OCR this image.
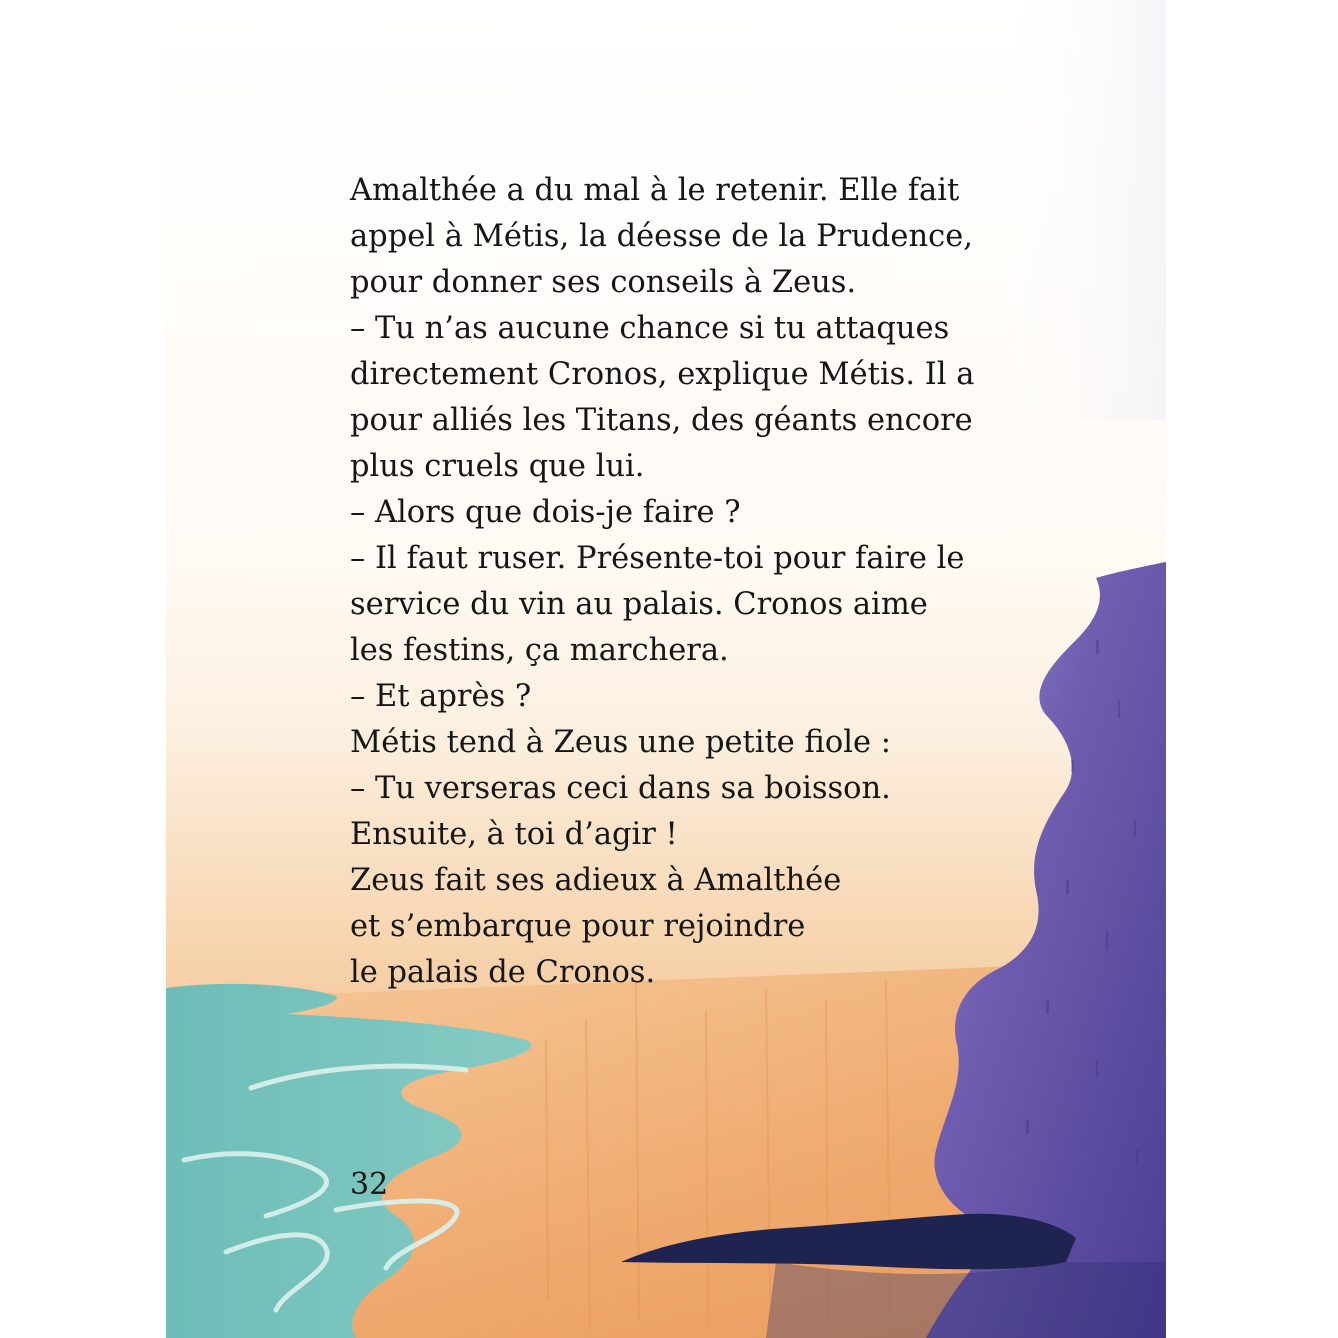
Amalthée a du mal à le retenir. Elle fait
appel à Métis, la déesse de la Prudence,
pour donner ses conseils à Zeus.
– Tu n’as aucune chance si tu attaques
directement Cronos, explique Métis. Il a
pour alliés les Titans, des géants encore
plus cruels que lui.
– Alors que dois-je faire ?
– Il faut ruser. Présente-toi pour faire le
service du vin au palais. Cronos aime
les festins, ça marchera.
– Et après ?
Métis tend à Zeus une petite fiole :
– Tu verseras ceci dans sa boisson.
Ensuite, à toi d’agir !
Zeus fait ses adieux à Amalthée
et s’embarque pour rejoindre
le palais de Cronos.

32
